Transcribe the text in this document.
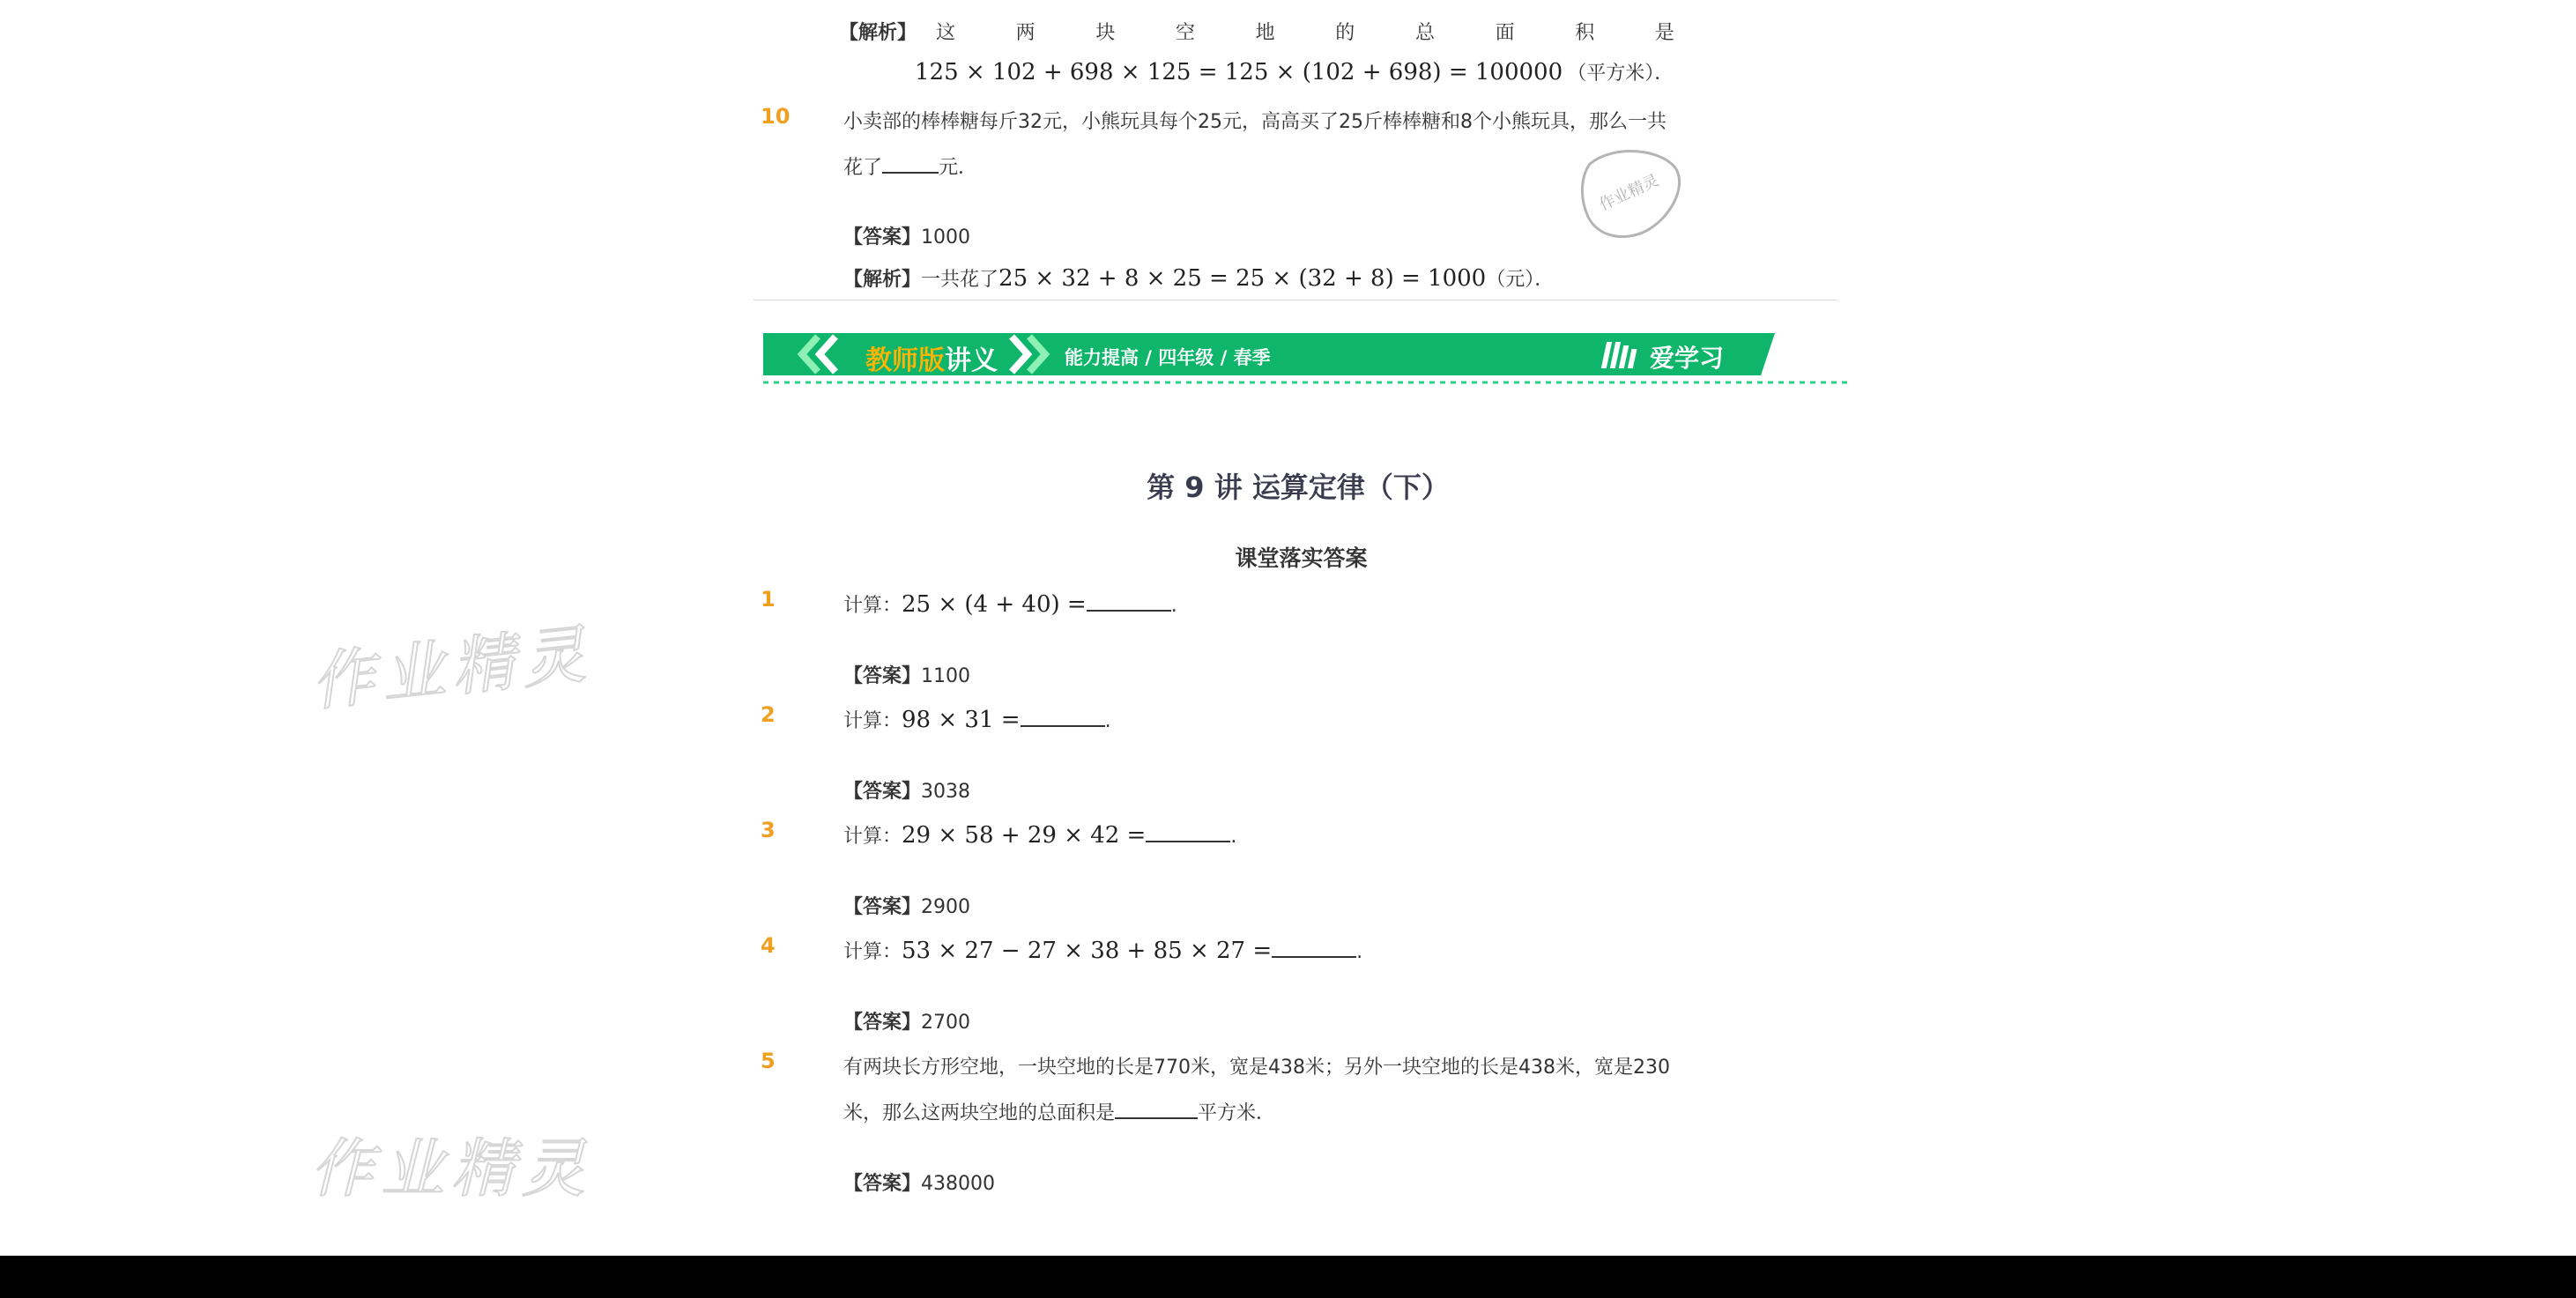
【解析】 这	两	块	空	地	的	总	面	积	是
125 × 102 + 698 × 125 = 125 × (102 + 698) = 100000 （平方米）．
10	小卖部的棒棒糖每斤32元，小熊玩具每个25元，高高买了25斤棒棒糖和8个小熊玩具，那么一共
花了	元．
作业精灵
【答案】1000
【解析】一共花了25 × 32 + 8 × 25 = 25 × (32 + 8) = 1000（元）．
教师版讲义	能力提高 / 四年级 / 春季	爱学习
第 9 讲 运算定律（下）
课堂落实答案
1	计算：25 × (4 + 40) =	.
【答案】1100
2	计算：98 × 31 =	.
【答案】3038
3	计算：29 × 58 + 29 × 42 =	.
【答案】2900
4	计算：53 × 27 − 27 × 38 + 85 × 27 =	.
【答案】2700
5	有两块长方形空地，一块空地的长是770米，宽是438米；另外一块空地的长是438米，宽是230
米，那么这两块空地的总面积是	平方米．
【答案】438000
作业精灵
作业精灵
